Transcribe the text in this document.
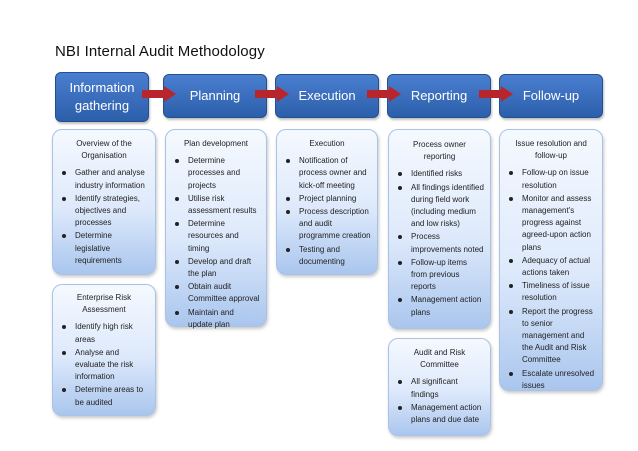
NBI Internal Audit Methodology
Information gathering
Planning	Execution	Reporting	Follow-up
Overview of the Organisation
Gather and analyse industry information
Identify strategies, objectives and processes
Determine legislative requirements
Enterprise Risk Assessment
Identify high risk areas
Analyse and evaluate the risk information
Determine areas to be audited
Plan development
Determine processes and projects
Utilise risk assessment results
Determine resources and timing
Develop and draft the plan
Obtain audit Committee approval
Maintain and update plan
Execution
Notification of process owner and kick-off meeting
Project planning
Process description and audit programme creation
Testing and documenting
Process owner reporting
Identified risks
All findings identified during field work (including medium and low risks)
Process improvements noted
Follow-up items from previous reports
Management action plans
Audit and Risk Committee
All significant findings
Management action plans and due date
Issue resolution and follow-up
Follow-up on issue resolution
Monitor and assess management's progress against agreed-upon action plans
Adequacy of actual actions taken
Timeliness of issue resolution
Report the progress to senior management and the Audit and Risk Committee
Escalate unresolved issues
